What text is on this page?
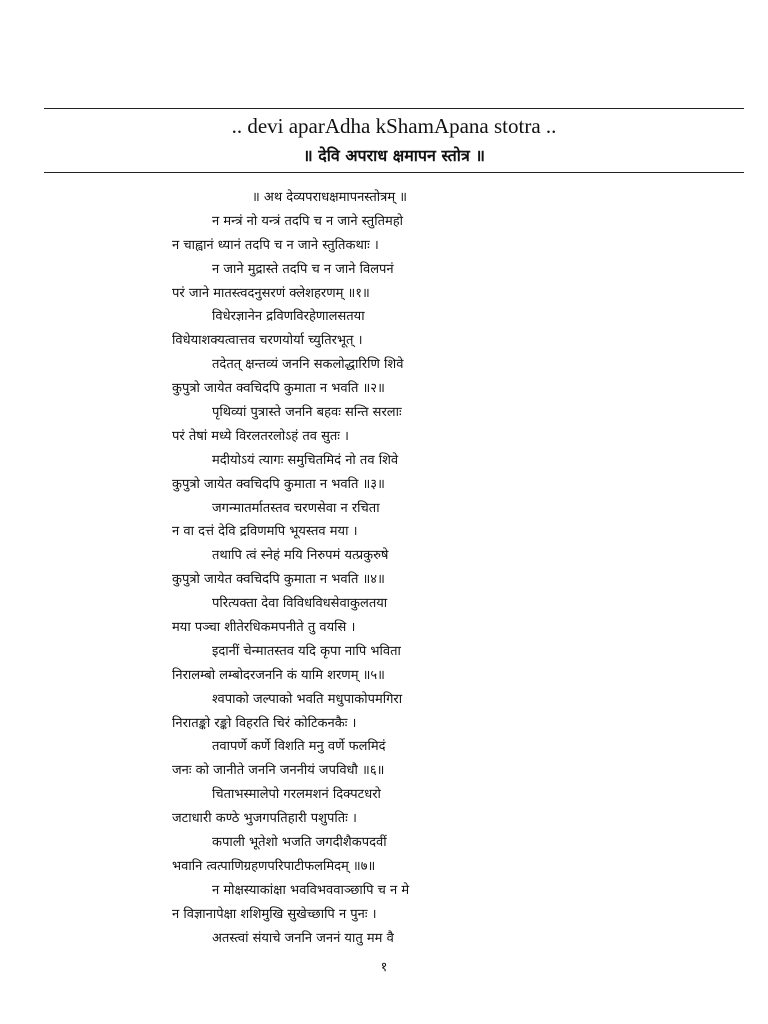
.. devi aparAdha kShamApana stotra ..
॥ देवि अपराध क्षमापन स्तोत्र ॥
॥ अथ देव्यपराधक्षमापनस्तोत्रम् ॥
न मन्त्रं नो यन्त्रं तदपि च न जाने स्तुतिमहो
न चाह्वानं ध्यानं तदपि च न जाने स्तुतिकथाः ।
न जाने मुद्रास्ते तदपि च न जाने विलपनं
परं जाने मातस्त्वदनुसरणं क्लेशहरणम् ॥१॥
विधेरज्ञानेन द्रविणविरहेणालसतया
विधेयाशक्यत्वात्तव चरणयोर्या च्युतिरभूत् ।
तदेतत् क्षन्तव्यं जननि सकलोद्धारिणि शिवे
कुपुत्रो जायेत क्वचिदपि कुमाता न भवति ॥२॥
पृथिव्यां पुत्रास्ते जननि बहवः सन्ति सरलाः
परं तेषां मध्ये विरलतरलोऽहं तव सुतः ।
मदीयोऽयं त्यागः समुचितमिदं नो तव शिवे
कुपुत्रो जायेत क्वचिदपि कुमाता न भवति ॥३॥
जगन्मातर्मातस्तव चरणसेवा न रचिता
न वा दत्तं देवि द्रविणमपि भूयस्तव मया ।
तथापि त्वं स्नेहं मयि निरुपमं यत्प्रकुरुषे
कुपुत्रो जायेत क्वचिदपि कुमाता न भवति ॥४॥
परित्यक्ता देवा विविधविधसेवाकुलतया
मया पञ्चा शीतेरधिकमपनीते तु वयसि ।
इदानीं चेन्मातस्तव यदि कृपा नापि भविता
निरालम्बो लम्बोदरजननि कं यामि शरणम् ॥५॥
श्वपाको जल्पाको भवति मधुपाकोपमगिरा
निरातङ्को रङ्को विहरति चिरं कोटिकनकैः ।
तवापर्णे कर्णे विशति मनु वर्णे फलमिदं
जनः को जानीते जननि जननीयं जपविधौ ॥६॥
चिताभस्मालेपो गरलमशनं दिक्पटधरो
जटाधारी कण्ठे भुजगपतिहारी पशुपतिः ।
कपाली भूतेशो भजति जगदीशैकपदवीं
भवानि त्वत्पाणिग्रहणपरिपाटीफलमिदम् ॥७॥
न मोक्षस्याकांक्षा भवविभववाञ्छापि च न मे
न विज्ञानापेक्षा शशिमुखि सुखेच्छापि न पुनः ।
अतस्त्वां संयाचे जननि जननं यातु मम वै
१
